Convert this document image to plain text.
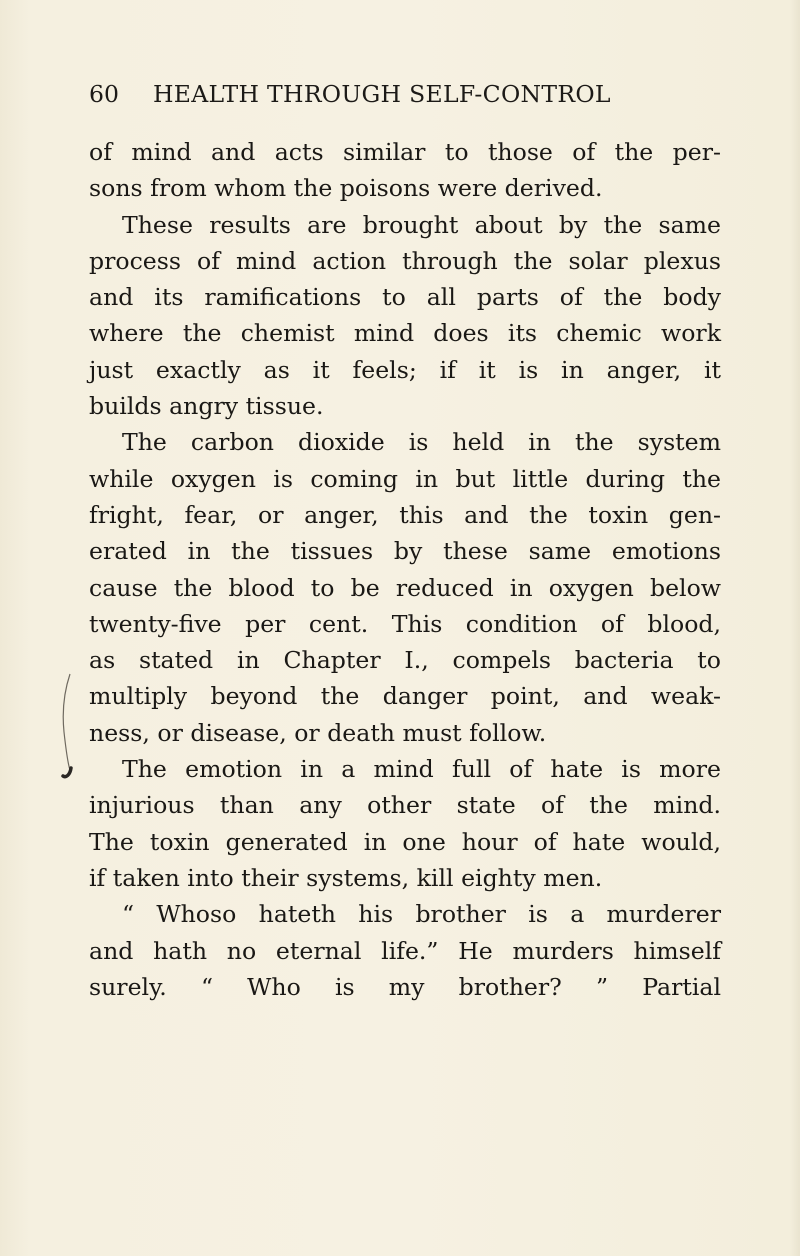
60 HEALTH THROUGH SELF-CONTROL
of mind and acts similar to those of the per-
sons from whom the poisons were derived.
These results are brought about by the same
process of mind action through the solar plexus
and its ramifications to all parts of the body
where the chemist mind does its chemic work
just exactly as it feels; if it is in anger, it
builds angry tissue.
The carbon dioxide is held in the system
while oxygen is coming in but little during the
fright, fear, or anger, this and the toxin gen-
erated in the tissues by these same emotions
cause the blood to be reduced in oxygen below
twenty-five per cent. This condition of blood,
as stated in Chapter I., compels bacteria to
multiply beyond the danger point, and weak-
ness, or disease, or death must follow.
The emotion in a mind full of hate is more
injurious than any other state of the mind.
The toxin generated in one hour of hate would,
if taken into their systems, kill eighty men.
“ Whoso hateth his brother is a murderer
and hath no eternal life.” He murders himself
surely. “ Who is my brother? ” Partial
